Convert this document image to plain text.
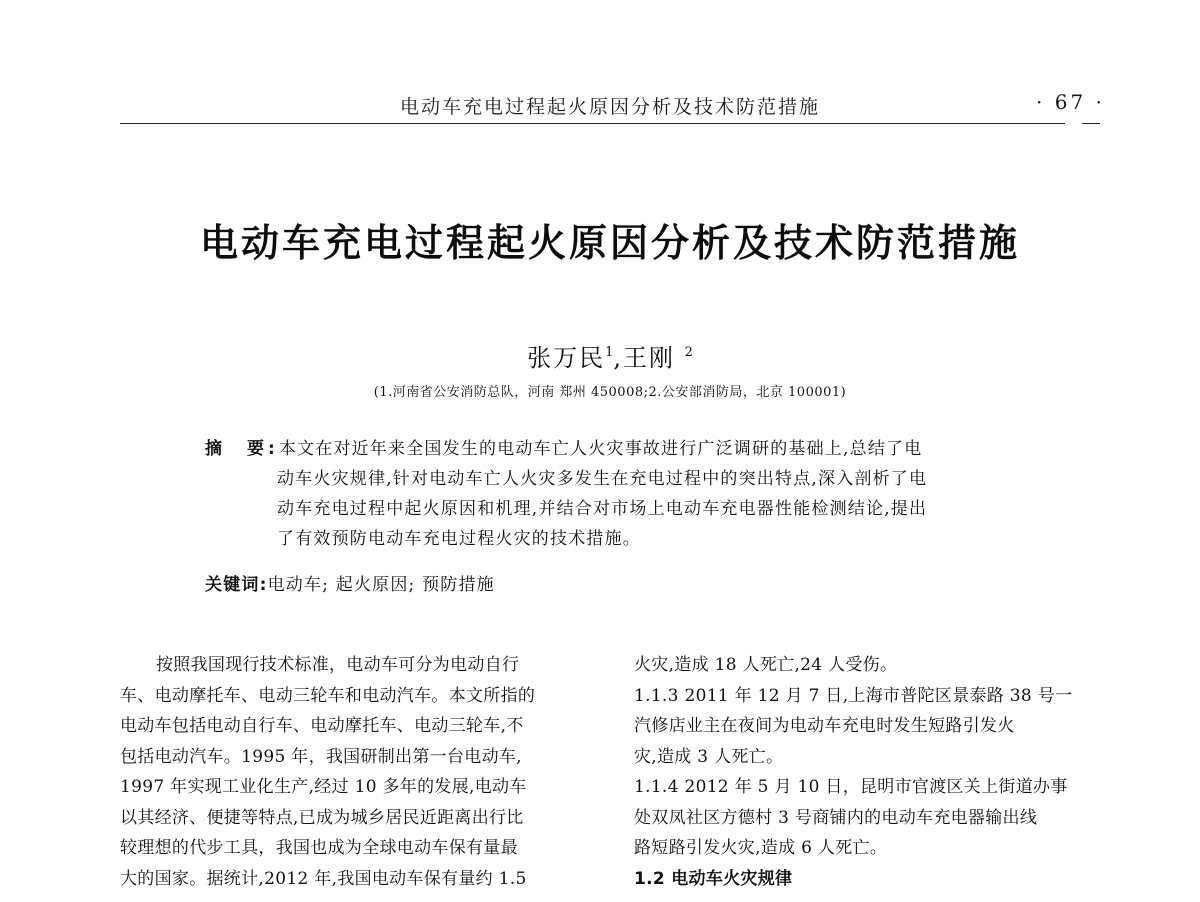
电动车充电过程起火原因分析及技术防范措施	· 67 ·
电动车充电过程起火原因分析及技术防范措施
张万民$^1$,王刚 $^2$
(1.河南省公安消防总队，河南 郑州 450008;2.公安部消防局，北京 100001)
摘　要:本文在对近年来全国发生的电动车亡人火灾事故进行广泛调研的基础上,总结了电
动车火灾规律,针对电动车亡人火灾多发生在充电过程中的突出特点,深入剖析了电
动车充电过程中起火原因和机理,并结合对市场上电动车充电器性能检测结论,提出
了有效预防电动车充电过程火灾的技术措施。
关键词:电动车; 起火原因; 预防措施
按照我国现行技术标准，电动车可分为电动自行
车、电动摩托车、电动三轮车和电动汽车。本文所指的
电动车包括电动自行车、电动摩托车、电动三轮车,不
包括电动汽车。1995 年，我国研制出第一台电动车,
1997 年实现工业化生产,经过 10 多年的发展,电动车
以其经济、便捷等特点,已成为城乡居民近距离出行比
较理想的代步工具，我国也成为全球电动车保有量最
大的国家。据统计,2012 年,我国电动车保有量约 1.5
火灾,造成 18 人死亡,24 人受伤。
1.1.3 2011 年 12 月 7 日,上海市普陀区景泰路 38 号一
汽修店业主在夜间为电动车充电时发生短路引发火
灾,造成 3 人死亡。
1.1.4 2012 年 5 月 10 日，昆明市官渡区关上街道办事
处双凤社区方德村 3 号商铺内的电动车充电器输出线
路短路引发火灾,造成 6 人死亡。
1.2 电动车火灾规律
